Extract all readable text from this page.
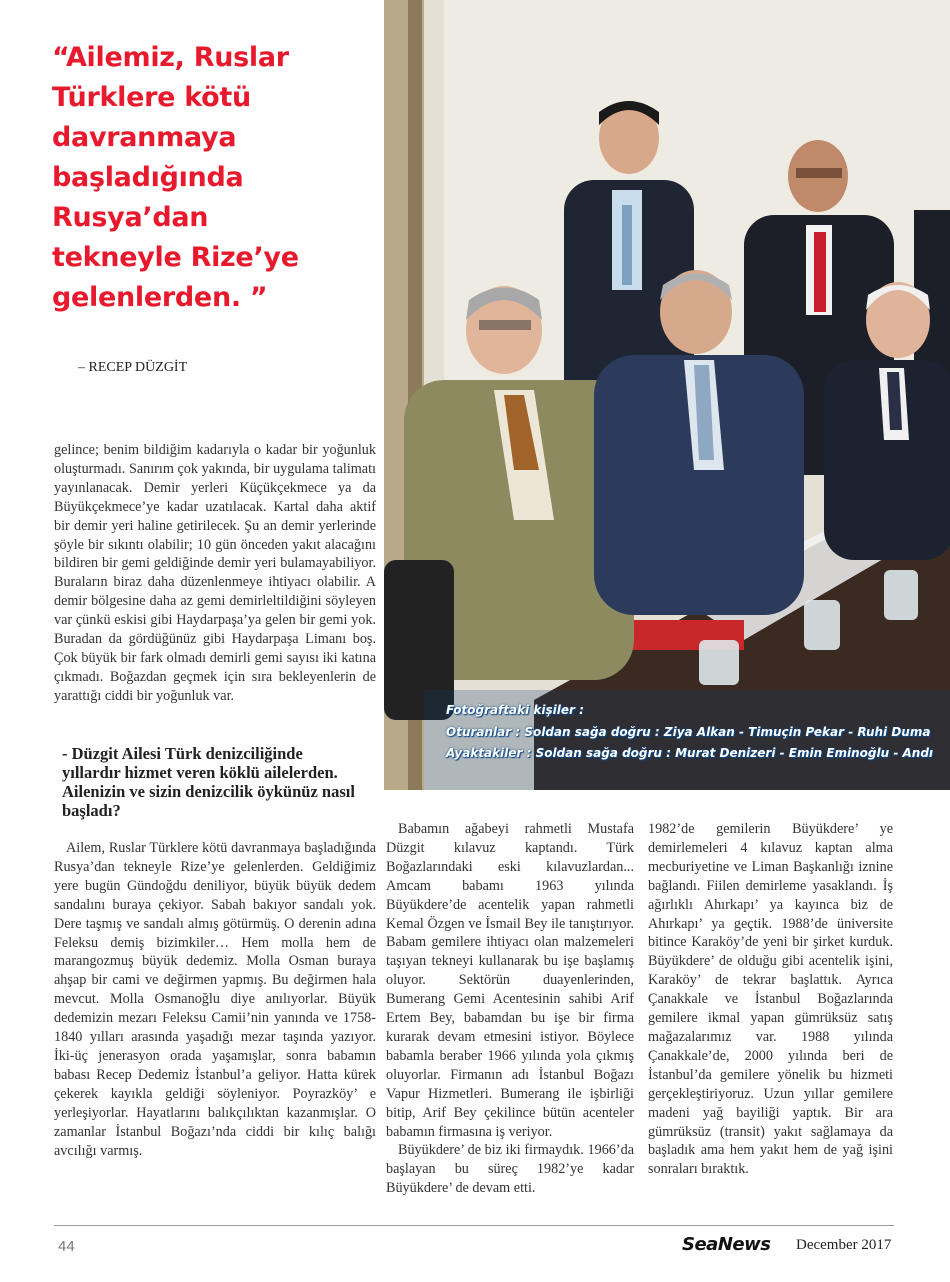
“Ailemiz, Ruslar
Türklere kötü
davranmaya
başladığında
Rusya’dan
tekneyle Rize’ye
gelenlerden. ”

– RECEP DÜZGİT

gelince; benim bildiğim kadarıyla o kadar bir yoğunluk oluşturmadı. Sanırım çok yakında, bir uygulama talimatı yayınlanacak. Demir yerleri Küçükçekmece ya da Büyükçekmece’ye kadar uzatılacak. Kartal daha aktif bir demir yeri haline getirilecek. Şu an demir yerlerinde şöyle bir sıkıntı olabilir; 10 gün önceden yakıt alacağını bildiren bir gemi geldiğinde demir yeri bulamayabiliyor. Buraların biraz daha düzenlenmeye ihtiyacı olabilir. A demir bölgesine daha az gemi demirleltildiğini söyleyen var çünkü eskisi gibi Haydarpaşa’ya gelen bir gemi yok. Buradan da gördüğünüz gibi Haydarpaşa Limanı boş. Çok büyük bir fark olmadı demirli gemi sayısı iki katına çıkmadı. Boğazdan geçmek için sıra bekleyenlerin de yarattığı ciddi bir yoğunluk var.

- Düzgit Ailesi Türk denizciliğinde yıllardır hizmet veren köklü ailelerden. Ailenizin ve sizin denizcilik öykünüz nasıl başladı?

Ailem, Ruslar Türklere kötü davranmaya başladığında Rusya’dan tekneyle Rize’ye gelenlerden. Geldiğimiz yere bugün Gündoğdu deniliyor, büyük büyük dedem sandalını buraya çekiyor. Sabah bakıyor sandalı yok. Dere taşmış ve sandalı almış götürmüş. O derenin adına Feleksu demiş bizimkiler… Hem molla hem de marangozmuş büyük dedemiz. Molla Osman buraya ahşap bir cami ve değirmen yapmış. Bu değirmen hala mevcut. Molla Osmanoğlu diye anılıyorlar. Büyük dedemizin mezarı Feleksu Camii’nin yanında ve 1758-1840 yılları arasında yaşadığı mezar taşında yazıyor. İki-üç jenerasyon orada yaşamışlar, sonra babamın babası Recep Dedemiz İstanbul’a geliyor. Hatta kürek çekerek kayıkla geldiği söyleniyor. Poyrazköy’ e yerleşiyorlar. Hayatlarını balıkçılıktan kazanmışlar. O zamanlar İstanbul Boğazı’nda ciddi bir kılıç balığı avcılığı varmış.

Babamın ağabeyi rahmetli Mustafa Düzgit kılavuz kaptandı. Türk Boğazlarındaki eski kılavuzlardan... Amcam babamı 1963 yılında Büyükdere’de acentelik yapan rahmetli Kemal Özgen ve İsmail Bey ile tanıştırıyor. Babam gemilere ihtiyacı olan malzemeleri taşıyan tekneyi kullanarak bu işe başlamış oluyor. Sektörün duayenlerinden, Bumerang Gemi Acentesinin sahibi Arif Ertem Bey, babamdan bu işe bir firma kurarak devam etmesini istiyor. Böylece babamla beraber 1966 yılında yola çıkmış oluyorlar. Firmanın adı İstanbul Boğazı Vapur Hizmetleri. Bumerang ile işbirliği bitip, Arif Bey çekilince bütün acenteler babamın firmasına iş veriyor.

Büyükdere’ de biz iki firmaydık. 1966’da başlayan bu süreç 1982’ye kadar Büyükdere’ de devam etti.

1982’de gemilerin Büyükdere’ ye demirlemeleri 4 kılavuz kaptan alma mecburiyetine ve Liman Başkanlığı iznine bağlandı. Fiilen demirleme yasaklandı. İş ağırlıklı Ahırkapı’ ya kayınca biz de Ahırkapı’ ya geçtik. 1988’de üniversite bitince Karaköy’de yeni bir şirket kurduk. Büyükdere’ de olduğu gibi acentelik işini, Karaköy’ de tekrar başlattık. Ayrıca Çanakkale ve İstanbul Boğazlarında gemilere ikmal yapan gümrüksüz satış mağazalarımız var. 1988 yılında Çanakkale’de, 2000 yılında beri de İstanbul’da gemilere yönelik bu hizmeti gerçekleştiriyoruz. Uzun yıllar gemilere madeni yağ bayiliği yaptık. Bir ara gümrüksüz (transit) yakıt sağlamaya da başladık ama hem yakıt hem de yağ işini sonraları bıraktık.

Fotoğraftaki kişiler :
Oturanlar : Soldan sağa doğru : Ziya Alkan - Timuçin Pekar - Ruhi Duma
Ayaktakiler : Soldan sağa doğru : Murat Denizeri - Emin Eminoğlu - Andı
44	SeaNews December 2017
